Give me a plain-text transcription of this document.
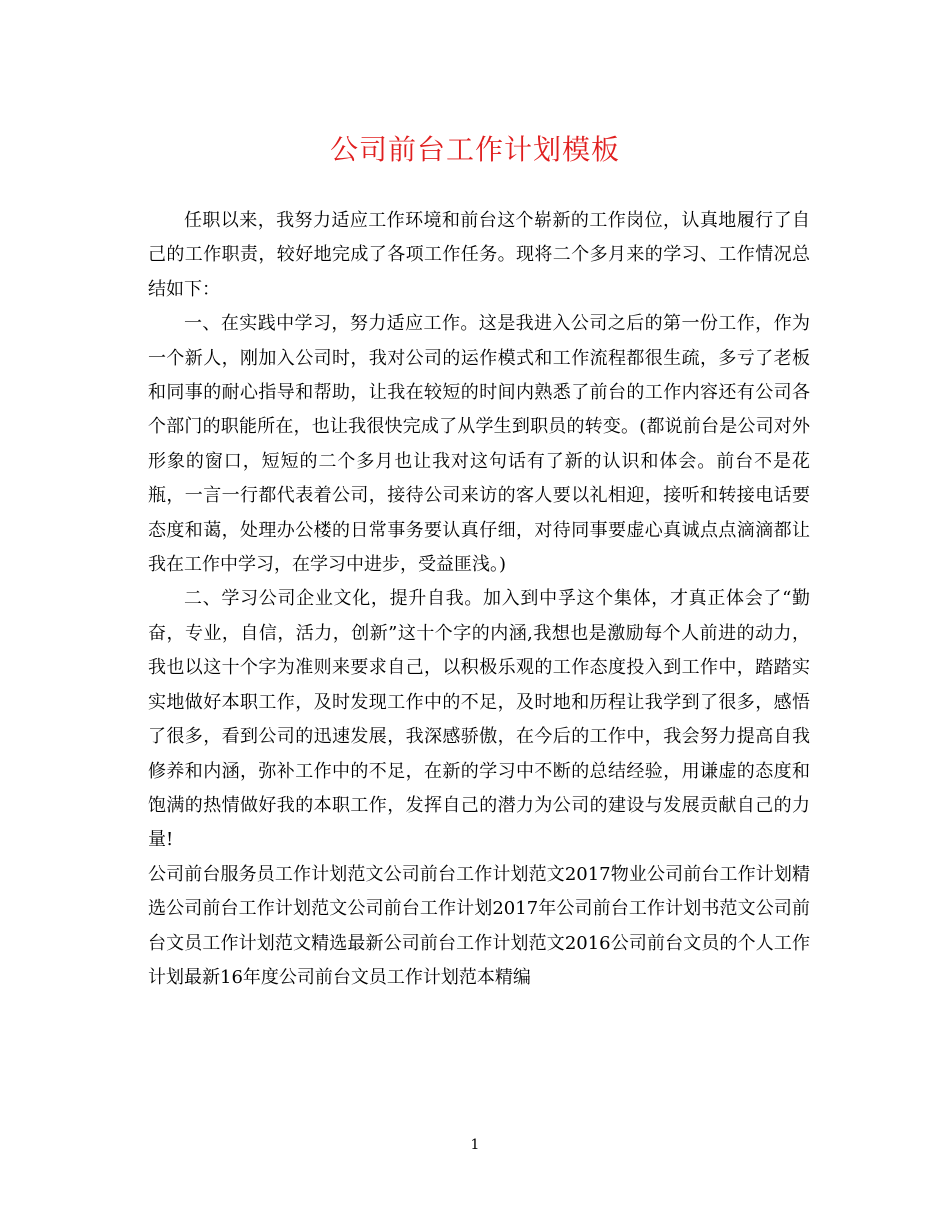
公司前台工作计划模板

任职以来，我努力适应工作环境和前台这个崭新的工作岗位，认真地履行了自己的工作职责，较好地完成了各项工作任务。现将二个多月来的学习、工作情况总结如下：

一、在实践中学习，努力适应工作。这是我进入公司之后的第一份工作，作为一个新人，刚加入公司时，我对公司的运作模式和工作流程都很生疏，多亏了老板和同事的耐心指导和帮助，让我在较短的时间内熟悉了前台的工作内容还有公司各个部门的职能所在，也让我很快完成了从学生到职员的转变。(都说前台是公司对外形象的窗口，短短的二个多月也让我对这句话有了新的认识和体会。前台不是花瓶，一言一行都代表着公司，接待公司来访的客人要以礼相迎，接听和转接电话要态度和蔼，处理办公楼的日常事务要认真仔细，对待同事要虚心真诚点点滴滴都让我在工作中学习，在学习中进步，受益匪浅。)

二、学习公司企业文化，提升自我。加入到中孚这个集体，才真正体会了“勤奋，专业，自信，活力，创新”这十个字的内涵,我想也是激励每个人前进的动力，我也以这十个字为准则来要求自己，以积极乐观的工作态度投入到工作中，踏踏实实地做好本职工作，及时发现工作中的不足，及时地和历程让我学到了很多，感悟了很多，看到公司的迅速发展，我深感骄傲，在今后的工作中，我会努力提高自我修养和内涵，弥补工作中的不足，在新的学习中不断的总结经验，用谦虚的态度和饱满的热情做好我的本职工作，发挥自己的潜力为公司的建设与发展贡献自己的力量!

公司前台服务员工作计划范文公司前台工作计划范文2017物业公司前台工作计划精选公司前台工作计划范文公司前台工作计划2017年公司前台工作计划书范文公司前台文员工作计划范文精选最新公司前台工作计划范文2016公司前台文员的个人工作计划最新16年度公司前台文员工作计划范本精编

1
